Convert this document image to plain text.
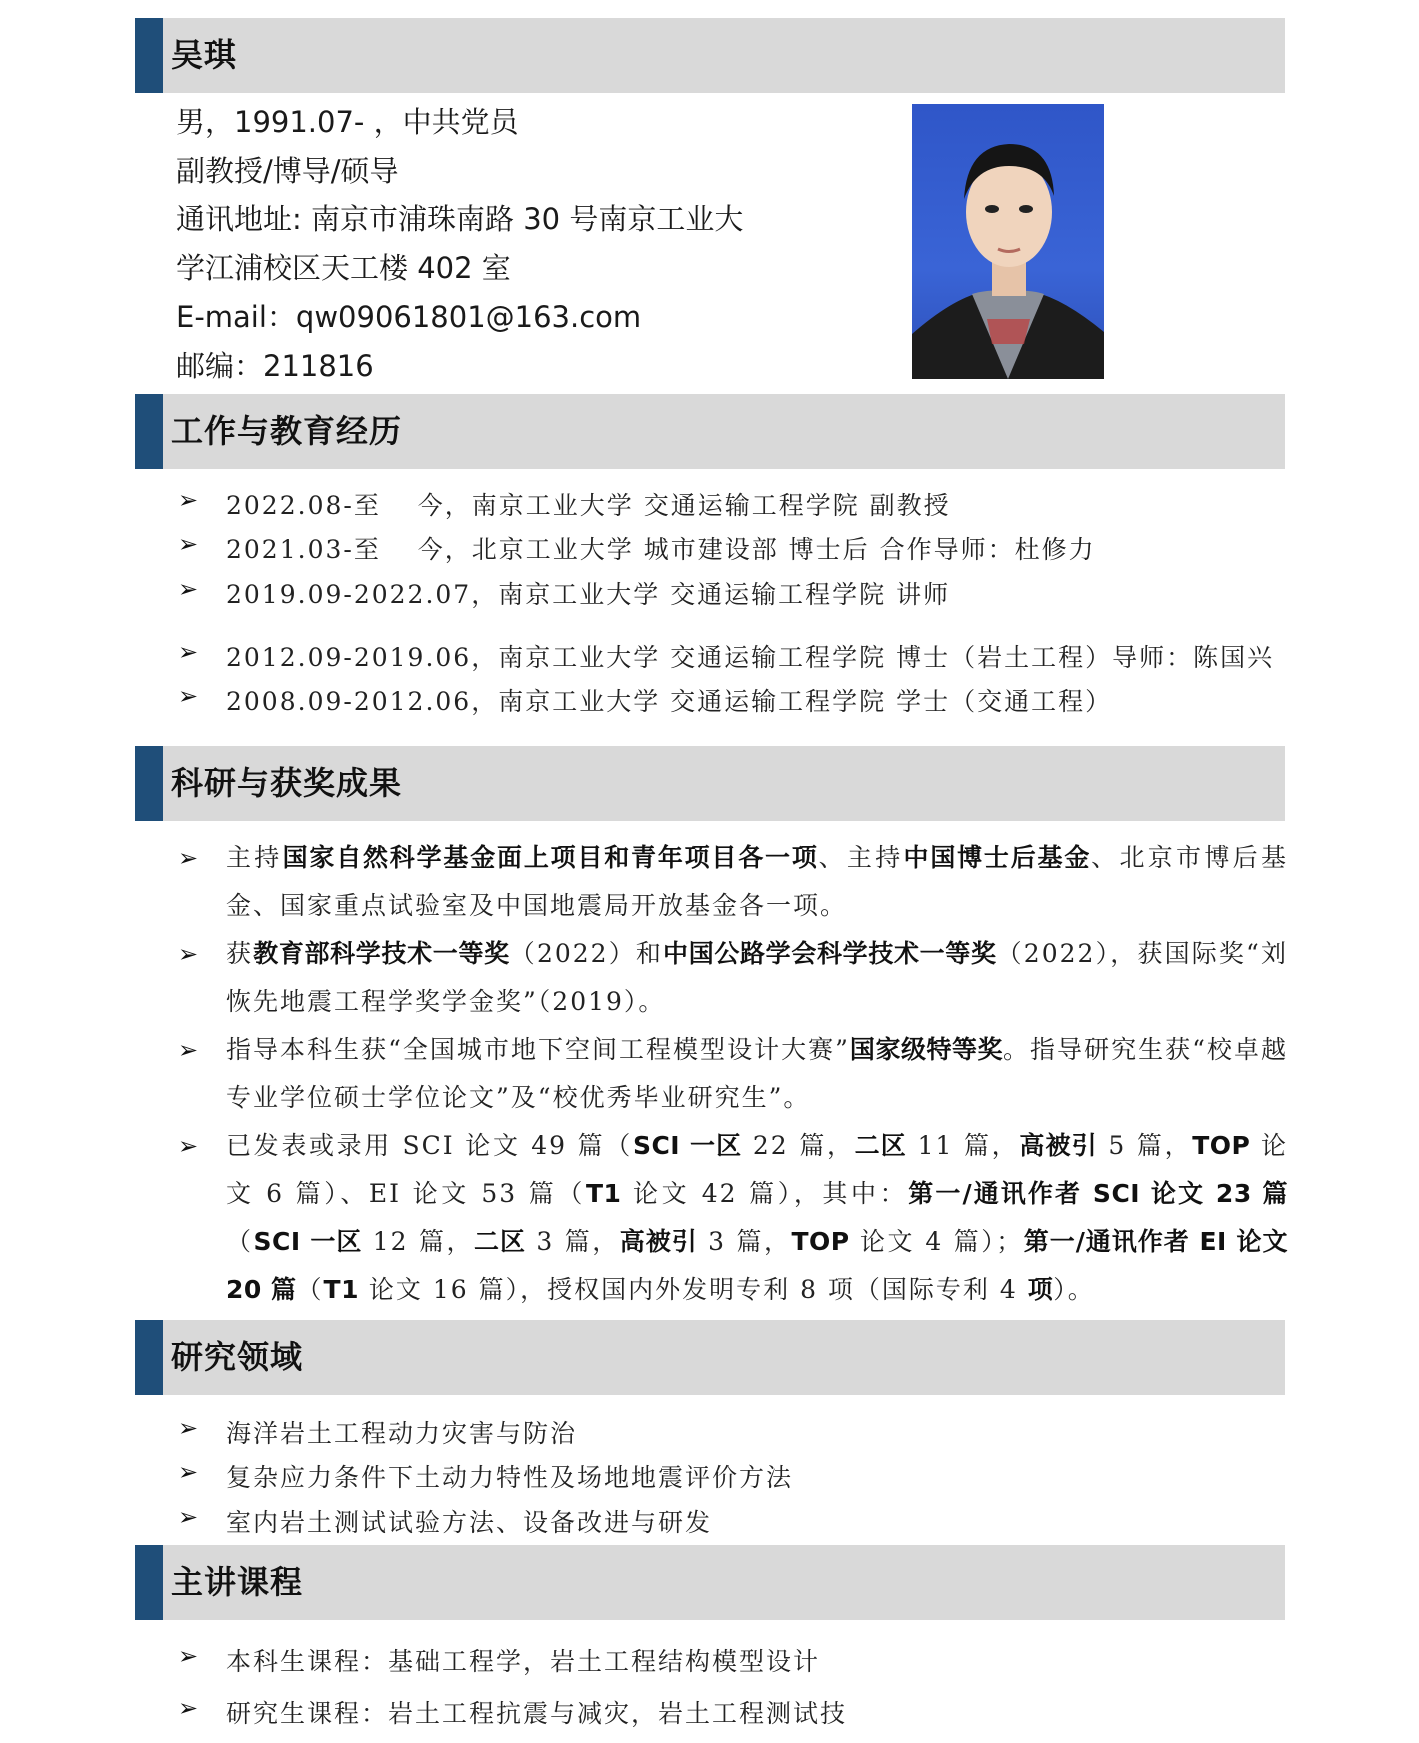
吴琪
男，1991.07- ，中共党员
副教授/博导/硕导
通讯地址: 南京市浦珠南路 30 号南京工业大
学江浦校区天工楼 402 室
E-mail：qw09061801@163.com
邮编：211816
工作与教育经历
➢ 2022.08-至　 今，南京工业大学 交通运输工程学院 副教授
➢ 2021.03-至　 今，北京工业大学 城市建设部 博士后 合作导师：杜修力
➢ 2019.09-2022.07，南京工业大学 交通运输工程学院 讲师
➢ 2012.09-2019.06，南京工业大学 交通运输工程学院 博士（岩土工程）导师：陈国兴
➢ 2008.09-2012.06，南京工业大学 交通运输工程学院 学士（交通工程）
科研与获奖成果
➢ 主持国家自然科学基金面上项目和青年项目各一项、主持中国博士后基金、北京市博后基金、国家重点试验室及中国地震局开放基金各一项。
➢ 获教育部科学技术一等奖（2022）和中国公路学会科学技术一等奖（2022），获国际奖“刘恢先地震工程学奖学金奖”（2019）。
➢ 指导本科生获“全国城市地下空间工程模型设计大赛”国家级特等奖。指导研究生获“校卓越专业学位硕士学位论文”及“校优秀毕业研究生”。
➢ 已发表或录用 SCI 论文 49 篇（SCI 一区 22 篇，二区 11 篇，高被引 5 篇，TOP 论文 6 篇）、EI 论文 53 篇（T1 论文 42 篇），其中：第一/通讯作者 SCI 论文 23 篇（SCI 一区 12 篇，二区 3 篇，高被引 3 篇，TOP 论文 4 篇）；第一/通讯作者 EI 论文 20 篇（T1 论文 16 篇），授权国内外发明专利 8 项（国际专利 4 项）。
研究领域
➢ 海洋岩土工程动力灾害与防治
➢ 复杂应力条件下土动力特性及场地地震评价方法
➢ 室内岩土测试试验方法、设备改进与研发
主讲课程
➢ 本科生课程：基础工程学，岩土工程结构模型设计
➢ 研究生课程：岩土工程抗震与减灾，岩土工程测试技
